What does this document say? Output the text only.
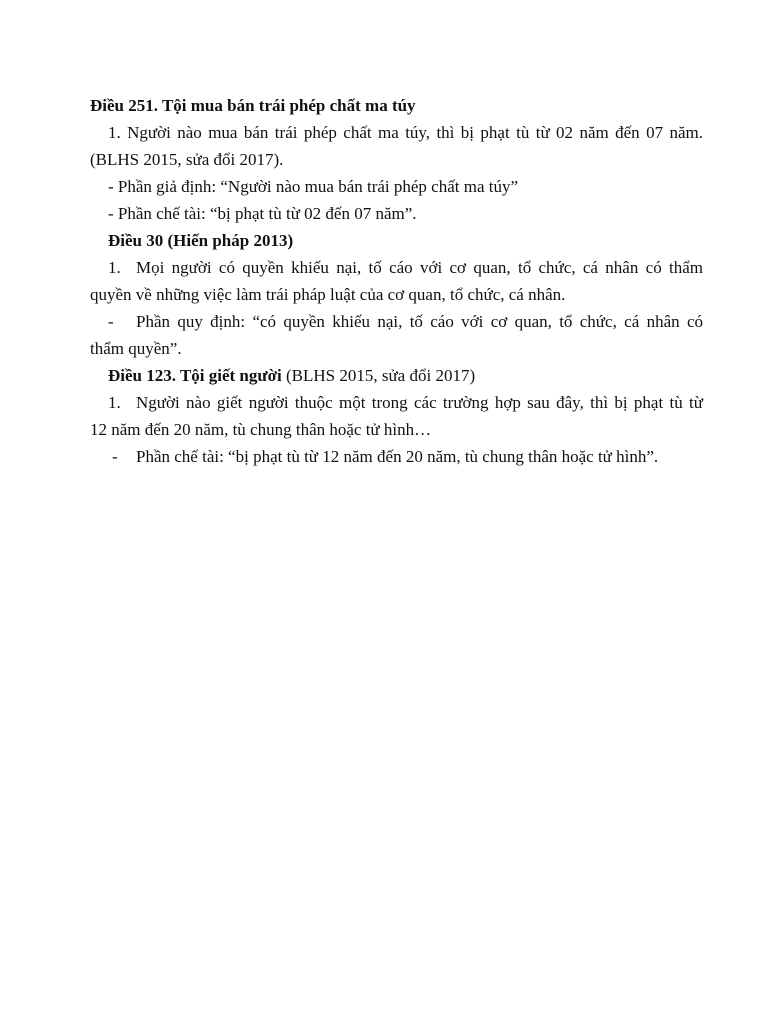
Điều 251. Tội mua bán trái phép chất ma túy
1. Người nào mua bán trái phép chất ma túy, thì bị phạt tù từ 02 năm đến 07 năm.
(BLHS 2015, sửa đổi 2017).
- Phần giả định: “Người nào mua bán trái phép chất ma túy”
- Phần chế tài: “bị phạt tù từ 02 đến 07 năm”.
Điều 30 (Hiến pháp 2013)
1. Mọi người có quyền khiếu nại, tố cáo với cơ quan, tổ chức, cá nhân có thẩm
quyền về những việc làm trái pháp luật của cơ quan, tổ chức, cá nhân.
-	Phần quy định: “có quyền khiếu nại, tố cáo với cơ quan, tổ chức, cá nhân có
thẩm quyền”.
Điều 123. Tội giết người (BLHS 2015, sửa đổi 2017)
1. Người nào giết người thuộc một trong các trường hợp sau đây, thì bị phạt tù từ
12 năm đến 20 năm, tù chung thân hoặc tử hình…
-	Phần chế tài: “bị phạt tù từ 12 năm đến 20 năm, tù chung thân hoặc tử hình”.
